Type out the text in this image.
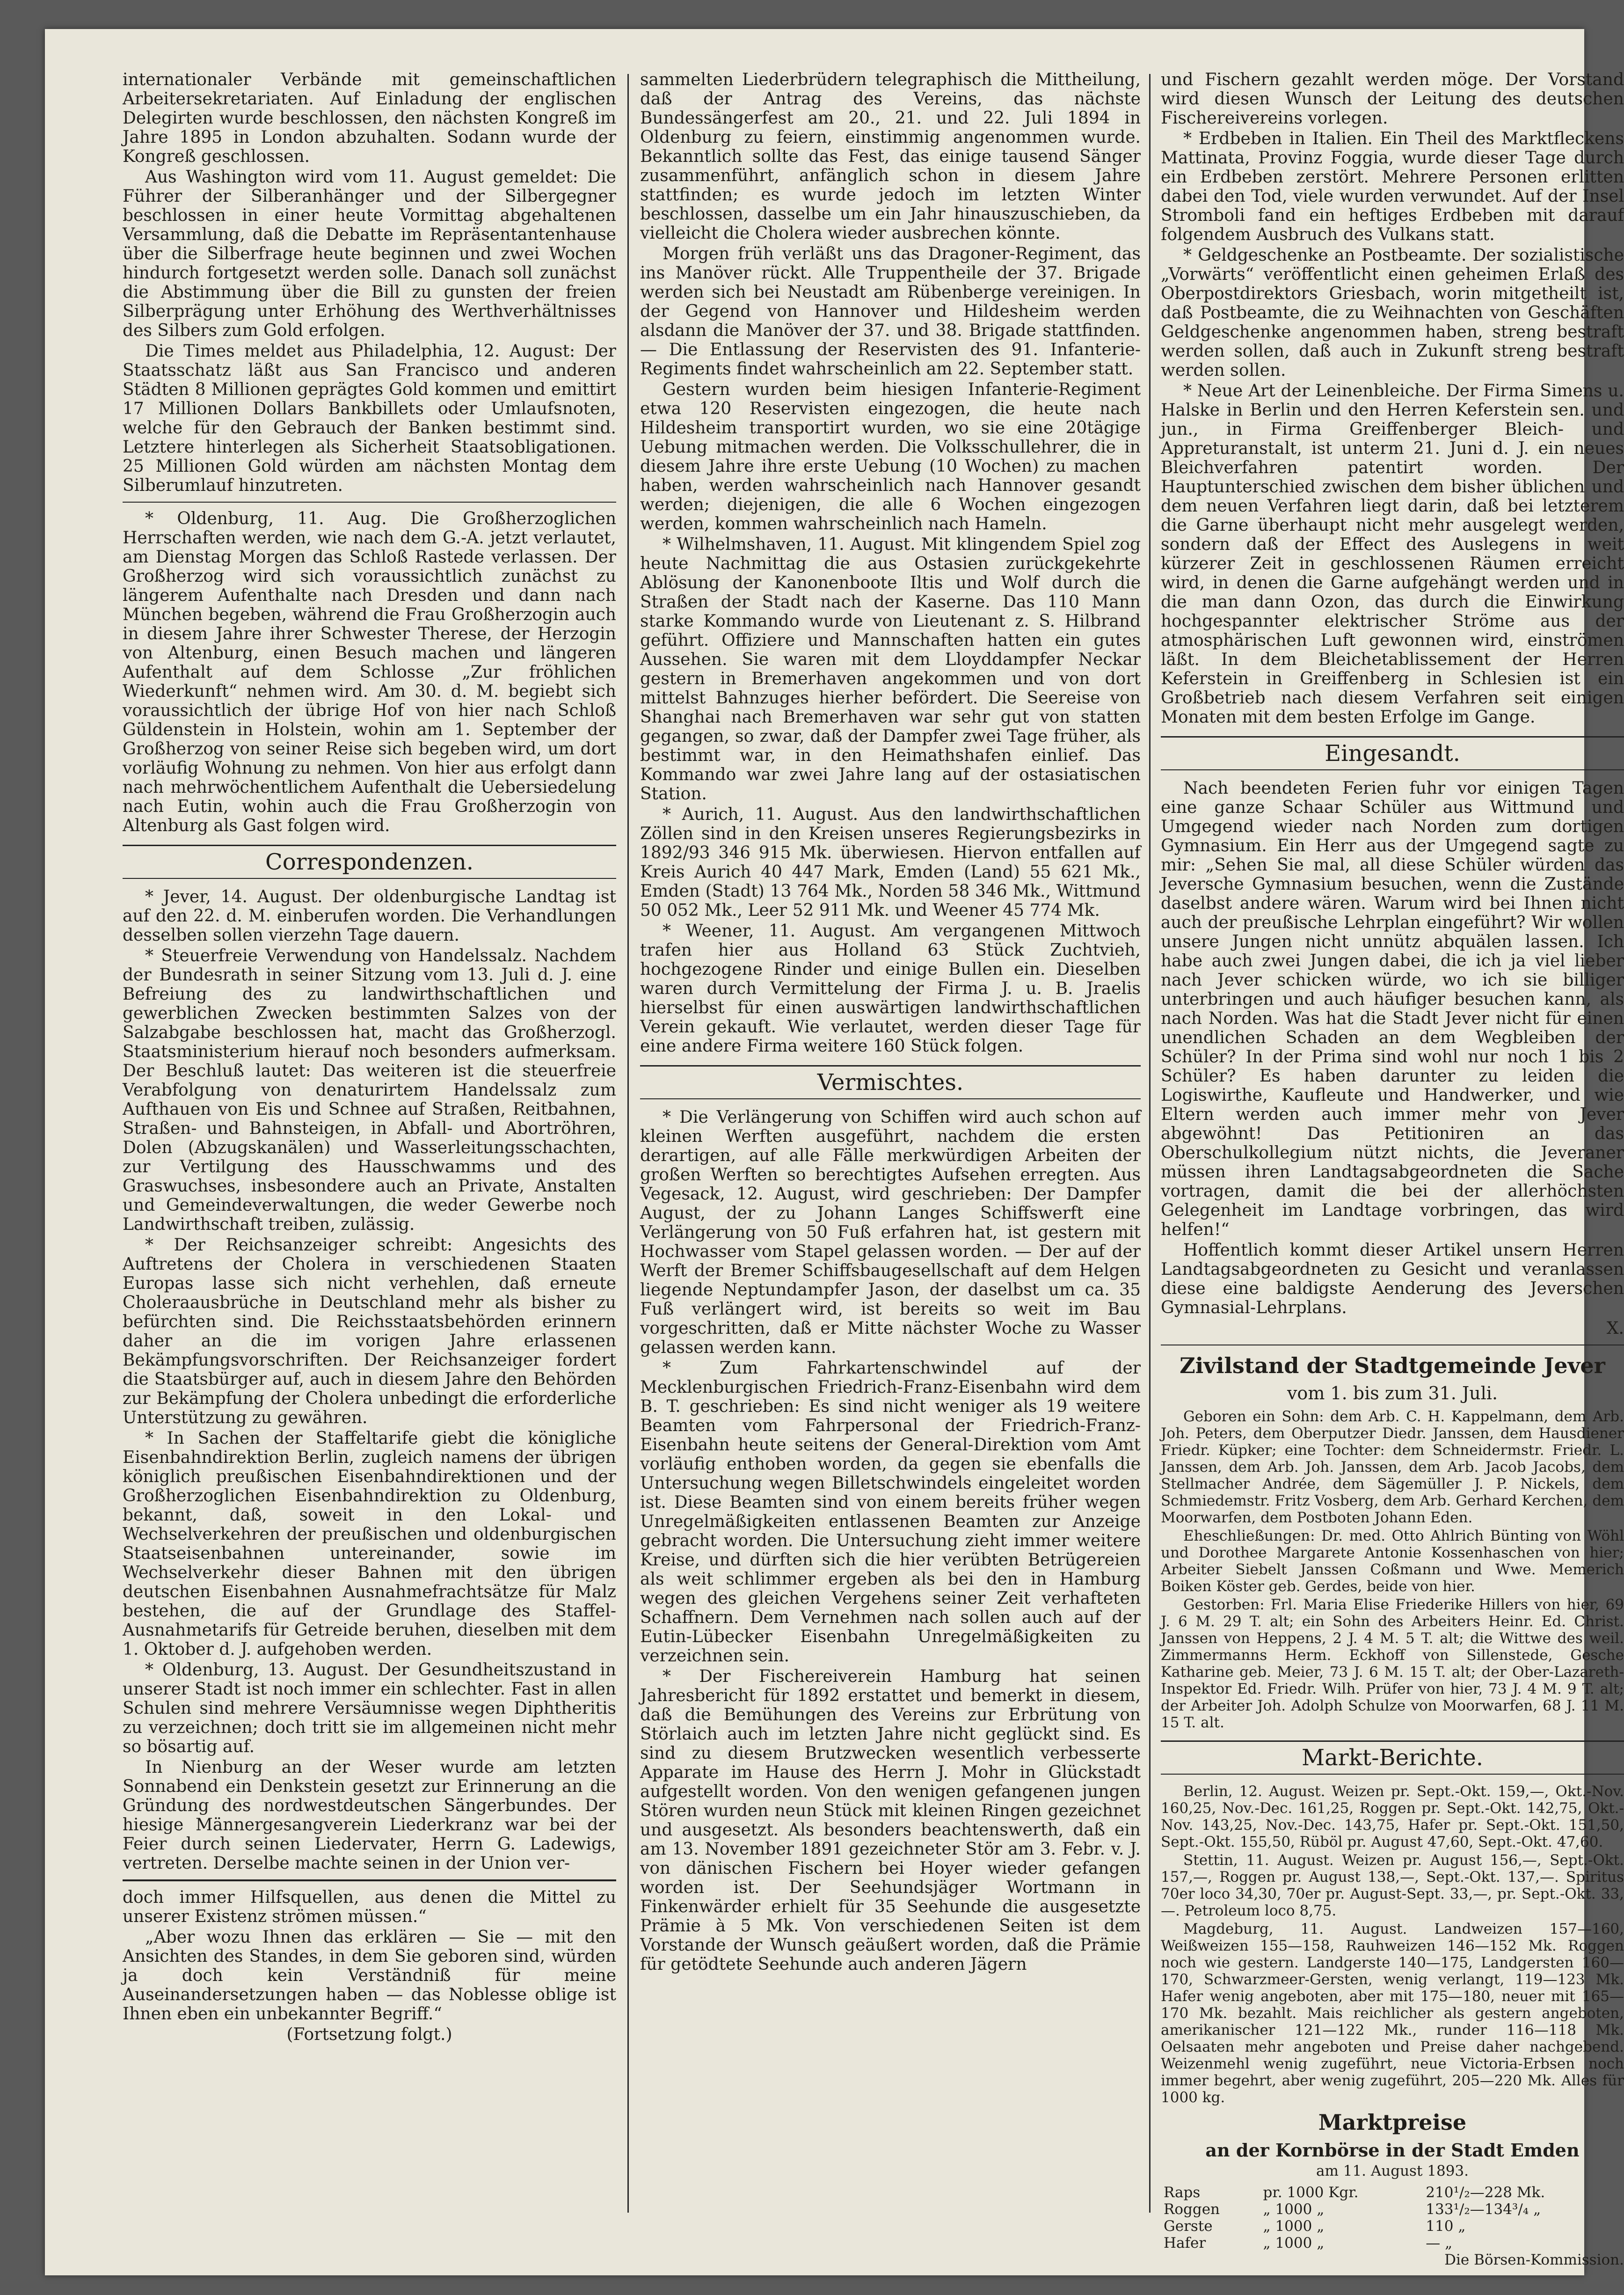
internationaler Verbände mit gemeinschaftlichen Arbeitersekretariaten. Auf Einladung der englischen Delegirten wurde beschlossen, den nächsten Kongreß im Jahre 1895 in London abzuhalten. Sodann wurde der Kongreß geschlossen.

Aus Washington wird vom 11. August gemeldet: Die Führer der Silberanhänger und der Silbergegner beschlossen in einer heute Vormittag abgehaltenen Versammlung, daß die Debatte im Repräsentantenhause über die Silberfrage heute beginnen und zwei Wochen hindurch fortgesetzt werden solle. Danach soll zunächst die Abstimmung über die Bill zu gunsten der freien Silberprägung unter Erhöhung des Werthverhältnisses des Silbers zum Gold erfolgen.

Die Times meldet aus Philadelphia, 12. August: Der Staatsschatz läßt aus San Francisco und anderen Städten 8 Millionen geprägtes Gold kommen und emittirt 17 Millionen Dollars Bankbillets oder Umlaufsnoten, welche für den Gebrauch der Banken bestimmt sind. Letztere hinterlegen als Sicherheit Staatsobligationen. 25 Millionen Gold würden am nächsten Montag dem Silberumlauf hinzutreten.

* Oldenburg, 11. Aug. Die Großherzoglichen Herrschaften werden, wie nach dem G.-A. jetzt verlautet, am Dienstag Morgen das Schloß Rastede verlassen. Der Großherzog wird sich voraussichtlich zunächst zu längerem Aufenthalte nach Dresden und dann nach München begeben, während die Frau Großherzogin auch in diesem Jahre ihrer Schwester Therese, der Herzogin von Altenburg, einen Besuch machen und längeren Aufenthalt auf dem Schlosse „Zur fröhlichen Wiederkunft“ nehmen wird. Am 30. d. M. begiebt sich voraussichtlich der übrige Hof von hier nach Schloß Güldenstein in Holstein, wohin am 1. September der Großherzog von seiner Reise sich begeben wird, um dort vorläufig Wohnung zu nehmen. Von hier aus erfolgt dann nach mehrwöchentlichem Aufenthalt die Uebersiedelung nach Eutin, wohin auch die Frau Großherzogin von Altenburg als Gast folgen wird.

Correspondenzen.

* Jever, 14. August. Der oldenburgische Landtag ist auf den 22. d. M. einberufen worden. Die Verhandlungen desselben sollen vierzehn Tage dauern.

* Steuerfreie Verwendung von Handelssalz. Nachdem der Bundesrath in seiner Sitzung vom 13. Juli d. J. eine Befreiung des zu landwirthschaftlichen und gewerblichen Zwecken bestimmten Salzes von der Salzabgabe beschlossen hat, macht das Großherzogl. Staatsministerium hierauf noch besonders aufmerksam. Der Beschluß lautet: Das weiteren ist die steuerfreie Verabfolgung von denaturirtem Handelssalz zum Aufthauen von Eis und Schnee auf Straßen, Reitbahnen, Straßen- und Bahnsteigen, in Abfall- und Abortröhren, Dolen (Abzugskanälen) und Wasserleitungsschachten, zur Vertilgung des Hausschwamms und des Graswuchses, insbesondere auch an Private, Anstalten und Gemeindeverwaltungen, die weder Gewerbe noch Landwirthschaft treiben, zulässig.

* Der Reichsanzeiger schreibt: Angesichts des Auftretens der Cholera in verschiedenen Staaten Europas lasse sich nicht verhehlen, daß erneute Choleraausbrüche in Deutschland mehr als bisher zu befürchten sind. Die Reichsstaatsbehörden erinnern daher an die im vorigen Jahre erlassenen Bekämpfungsvorschriften. Der Reichsanzeiger fordert die Staatsbürger auf, auch in diesem Jahre den Behörden zur Bekämpfung der Cholera unbedingt die erforderliche Unterstützung zu gewähren.

* In Sachen der Staffeltarife giebt die königliche Eisenbahndirektion Berlin, zugleich namens der übrigen königlich preußischen Eisenbahndirektionen und der Großherzoglichen Eisenbahndirektion zu Oldenburg, bekannt, daß, soweit in den Lokal- und Wechselverkehren der preußischen und oldenburgischen Staatseisenbahnen untereinander, sowie im Wechselverkehr dieser Bahnen mit den übrigen deutschen Eisenbahnen Ausnahmefrachtsätze für Malz bestehen, die auf der Grundlage des Staffel-Ausnahmetarifs für Getreide beruhen, dieselben mit dem 1. Oktober d. J. aufgehoben werden.

* Oldenburg, 13. August. Der Gesundheitszustand in unserer Stadt ist noch immer ein schlechter. Fast in allen Schulen sind mehrere Versäumnisse wegen Diphtheritis zu verzeichnen; doch tritt sie im allgemeinen nicht mehr so bösartig auf.

In Nienburg an der Weser wurde am letzten Sonnabend ein Denkstein gesetzt zur Erinnerung an die Gründung des nordwestdeutschen Sängerbundes. Der hiesige Männergesangverein Liederkranz war bei der Feier durch seinen Liedervater, Herrn G. Ladewigs, vertreten. Derselbe machte seinen in der Union ver-

doch immer Hilfsquellen, aus denen die Mittel zu unserer Existenz strömen müssen.“

„Aber wozu Ihnen das erklären — Sie — mit den Ansichten des Standes, in dem Sie geboren sind, würden ja doch kein Verständniß für meine Auseinandersetzungen haben — das Noblesse oblige ist Ihnen eben ein unbekannter Begriff.“

(Fortsetzung folgt.)

sammelten Liederbrüdern telegraphisch die Mittheilung, daß der Antrag des Vereins, das nächste Bundessängerfest am 20., 21. und 22. Juli 1894 in Oldenburg zu feiern, einstimmig angenommen wurde. Bekanntlich sollte das Fest, das einige tausend Sänger zusammenführt, anfänglich schon in diesem Jahre stattfinden; es wurde jedoch im letzten Winter beschlossen, dasselbe um ein Jahr hinauszuschieben, da vielleicht die Cholera wieder ausbrechen könnte.

Morgen früh verläßt uns das Dragoner-Regiment, das ins Manöver rückt. Alle Truppentheile der 37. Brigade werden sich bei Neustadt am Rübenberge vereinigen. In der Gegend von Hannover und Hildesheim werden alsdann die Manöver der 37. und 38. Brigade stattfinden. — Die Entlassung der Reservisten des 91. Infanterie-Regiments findet wahrscheinlich am 22. September statt.

Gestern wurden beim hiesigen Infanterie-Regiment etwa 120 Reservisten eingezogen, die heute nach Hildesheim transportirt wurden, wo sie eine 20tägige Uebung mitmachen werden. Die Volksschullehrer, die in diesem Jahre ihre erste Uebung (10 Wochen) zu machen haben, werden wahrscheinlich nach Hannover gesandt werden; diejenigen, die alle 6 Wochen eingezogen werden, kommen wahrscheinlich nach Hameln.

* Wilhelmshaven, 11. August. Mit klingendem Spiel zog heute Nachmittag die aus Ostasien zurückgekehrte Ablösung der Kanonenboote Iltis und Wolf durch die Straßen der Stadt nach der Kaserne. Das 110 Mann starke Kommando wurde von Lieutenant z. S. Hilbrand geführt. Offiziere und Mannschaften hatten ein gutes Aussehen. Sie waren mit dem Lloyddampfer Neckar gestern in Bremerhaven angekommen und von dort mittelst Bahnzuges hierher befördert. Die Seereise von Shanghai nach Bremerhaven war sehr gut von statten gegangen, so zwar, daß der Dampfer zwei Tage früher, als bestimmt war, in den Heimathshafen einlief. Das Kommando war zwei Jahre lang auf der ostasiatischen Station.

* Aurich, 11. August. Aus den landwirthschaftlichen Zöllen sind in den Kreisen unseres Regierungsbezirks in 1892/93 346 915 Mk. überwiesen. Hiervon entfallen auf Kreis Aurich 40 447 Mark, Emden (Land) 55 621 Mk., Emden (Stadt) 13 764 Mk., Norden 58 346 Mk., Wittmund 50 052 Mk., Leer 52 911 Mk. und Weener 45 774 Mk.

* Weener, 11. August. Am vergangenen Mittwoch trafen hier aus Holland 63 Stück Zuchtvieh, hochgezogene Rinder und einige Bullen ein. Dieselben waren durch Vermittelung der Firma J. u. B. Jraelis hierselbst für einen auswärtigen landwirthschaftlichen Verein gekauft. Wie verlautet, werden dieser Tage für eine andere Firma weitere 160 Stück folgen.

Vermischtes.

* Die Verlängerung von Schiffen wird auch schon auf kleinen Werften ausgeführt, nachdem die ersten derartigen, auf alle Fälle merkwürdigen Arbeiten der großen Werften so berechtigtes Aufsehen erregten. Aus Vegesack, 12. August, wird geschrieben: Der Dampfer August, der zu Johann Langes Schiffswerft eine Verlängerung von 50 Fuß erfahren hat, ist gestern mit Hochwasser vom Stapel gelassen worden. — Der auf der Werft der Bremer Schiffsbaugesellschaft auf dem Helgen liegende Neptundampfer Jason, der daselbst um ca. 35 Fuß verlängert wird, ist bereits so weit im Bau vorgeschritten, daß er Mitte nächster Woche zu Wasser gelassen werden kann.

* Zum Fahrkartenschwindel auf der Mecklenburgischen Friedrich-Franz-Eisenbahn wird dem B. T. geschrieben: Es sind nicht weniger als 19 weitere Beamten vom Fahrpersonal der Friedrich-Franz-Eisenbahn heute seitens der General-Direktion vom Amt vorläufig enthoben worden, da gegen sie ebenfalls die Untersuchung wegen Billetschwindels eingeleitet worden ist. Diese Beamten sind von einem bereits früher wegen Unregelmäßigkeiten entlassenen Beamten zur Anzeige gebracht worden. Die Untersuchung zieht immer weitere Kreise, und dürften sich die hier verübten Betrügereien als weit schlimmer ergeben als bei den in Hamburg wegen des gleichen Vergehens seiner Zeit verhafteten Schaffnern. Dem Vernehmen nach sollen auch auf der Eutin-Lübecker Eisenbahn Unregelmäßigkeiten zu verzeichnen sein.

* Der Fischereiverein Hamburg hat seinen Jahresbericht für 1892 erstattet und bemerkt in diesem, daß die Bemühungen des Vereins zur Erbrütung von Störlaich auch im letzten Jahre nicht geglückt sind. Es sind zu diesem Brutzwecken wesentlich verbesserte Apparate im Hause des Herrn J. Mohr in Glückstadt aufgestellt worden. Von den wenigen gefangenen jungen Stören wurden neun Stück mit kleinen Ringen gezeichnet und ausgesetzt. Als besonders beachtenswerth, daß ein am 13. November 1891 gezeichneter Stör am 3. Febr. v. J. von dänischen Fischern bei Hoyer wieder gefangen worden ist. Der Seehundsjäger Wortmann in Finkenwärder erhielt für 35 Seehunde die ausgesetzte Prämie à 5 Mk. Von verschiedenen Seiten ist dem Vorstande der Wunsch geäußert worden, daß die Prämie für getödtete Seehunde auch anderen Jägern

und Fischern gezahlt werden möge. Der Vorstand wird diesen Wunsch der Leitung des deutschen Fischereivereins vorlegen.

* Erdbeben in Italien. Ein Theil des Marktfleckens Mattinata, Provinz Foggia, wurde dieser Tage durch ein Erdbeben zerstört. Mehrere Personen erlitten dabei den Tod, viele wurden verwundet. Auf der Insel Stromboli fand ein heftiges Erdbeben mit darauf folgendem Ausbruch des Vulkans statt.

* Geldgeschenke an Postbeamte. Der sozialistische „Vorwärts“ veröffentlicht einen geheimen Erlaß des Oberpostdirektors Griesbach, worin mitgetheilt ist, daß Postbeamte, die zu Weihnachten von Geschäften Geldgeschenke angenommen haben, streng bestraft werden sollen, daß auch in Zukunft streng bestraft werden sollen.

* Neue Art der Leinenbleiche. Der Firma Simens u. Halske in Berlin und den Herren Keferstein sen. und jun., in Firma Greiffenberger Bleich- und Appreturanstalt, ist unterm 21. Juni d. J. ein neues Bleichverfahren patentirt worden. Der Hauptunterschied zwischen dem bisher üblichen und dem neuen Verfahren liegt darin, daß bei letzterem die Garne überhaupt nicht mehr ausgelegt werden, sondern daß der Effect des Auslegens in weit kürzerer Zeit in geschlossenen Räumen erreicht wird, in denen die Garne aufgehängt werden und in die man dann Ozon, das durch die Einwirkung hochgespannter elektrischer Ströme aus der atmosphärischen Luft gewonnen wird, einströmen läßt. In dem Bleichetablissement der Herren Keferstein in Greiffenberg in Schlesien ist ein Großbetrieb nach diesem Verfahren seit einigen Monaten mit dem besten Erfolge im Gange.

Eingesandt.

Nach beendeten Ferien fuhr vor einigen Tagen eine ganze Schaar Schüler aus Wittmund und Umgegend wieder nach Norden zum dortigen Gymnasium. Ein Herr aus der Umgegend sagte zu mir: „Sehen Sie mal, all diese Schüler würden das Jeversche Gymnasium besuchen, wenn die Zustände daselbst andere wären. Warum wird bei Ihnen nicht auch der preußische Lehrplan eingeführt? Wir wollen unsere Jungen nicht unnütz abquälen lassen. Ich habe auch zwei Jungen dabei, die ich ja viel lieber nach Jever schicken würde, wo ich sie billiger unterbringen und auch häufiger besuchen kann, als nach Norden. Was hat die Stadt Jever nicht für einen unendlichen Schaden an dem Wegbleiben der Schüler? In der Prima sind wohl nur noch 1 bis 2 Schüler? Es haben darunter zu leiden die Logiswirthe, Kaufleute und Handwerker, und wie Eltern werden auch immer mehr von Jever abgewöhnt! Das Petitioniren an das Oberschulkollegium nützt nichts, die Jeveraner müssen ihren Landtagsabgeordneten die Sache vortragen, damit die bei der allerhöchsten Gelegenheit im Landtage vorbringen, das wird helfen!“

Hoffentlich kommt dieser Artikel unsern Herren Landtagsabgeordneten zu Gesicht und veranlassen diese eine baldigste Aenderung des Jeverschen Gymnasial-Lehrplans.

X.

Zivilstand der Stadtgemeinde Jever
vom 1. bis zum 31. Juli.

Geboren ein Sohn: dem Arb. C. H. Kappelmann, dem Arb. Joh. Peters, dem Oberputzer Diedr. Janssen, dem Hausdiener Friedr. Küpker; eine Tochter: dem Schneidermstr. Friedr. L. Janssen, dem Arb. Joh. Janssen, dem Arb. Jacob Jacobs, dem Stellmacher Andrée, dem Sägemüller J. P. Nickels, dem Schmiedemstr. Fritz Vosberg, dem Arb. Gerhard Kerchen, dem Moorwarfen, dem Postboten Johann Eden.

Eheschließungen: Dr. med. Otto Ahlrich Bünting von Wöhl und Dorothee Margarete Antonie Kossenhaschen von hier; Arbeiter Siebelt Janssen Coßmann und Wwe. Memerich Boiken Köster geb. Gerdes, beide von hier.

Gestorben: Frl. Maria Elise Friederike Hillers von hier, 69 J. 6 M. 29 T. alt; ein Sohn des Arbeiters Heinr. Ed. Christ. Janssen von Heppens, 2 J. 4 M. 5 T. alt; die Wittwe des weil. Zimmermanns Herm. Eckhoff von Sillenstede, Gesche Katharine geb. Meier, 73 J. 6 M. 15 T. alt; der Ober-Lazareth-Inspektor Ed. Friedr. Wilh. Prüfer von hier, 73 J. 4 M. 9 T. alt; der Arbeiter Joh. Adolph Schulze von Moorwarfen, 68 J. 11 M. 15 T. alt.

Markt-Berichte.

Berlin, 12. August. Weizen pr. Sept.-Okt. 159,—, Okt.-Nov. 160,25, Nov.-Dec. 161,25, Roggen pr. Sept.-Okt. 142,75, Okt.-Nov. 143,25, Nov.-Dec. 143,75, Hafer pr. Sept.-Okt. 151,50, Sept.-Okt. 155,50, Rüböl pr. August 47,60, Sept.-Okt. 47,60.

Stettin, 11. August. Weizen pr. August 156,—, Sept.-Okt. 157,—, Roggen pr. August 138,—, Sept.-Okt. 137,—. Spiritus 70er loco 34,30, 70er pr. August-Sept. 33,—, pr. Sept.-Okt. 33,—. Petroleum loco 8,75.

Magdeburg, 11. August. Landweizen 157—160, Weißweizen 155—158, Rauhweizen 146—152 Mk. Roggen noch wie gestern. Landgerste 140—175, Landgersten 160—170, Schwarzmeer-Gersten, wenig verlangt, 119—123 Mk. Hafer wenig angeboten, aber mit 175—180, neuer mit 165—170 Mk. bezahlt. Mais reichlicher als gestern angeboten, amerikanischer 121—122 Mk., runder 116—118 Mk. Oelsaaten mehr angeboten und Preise daher nachgebend. Weizenmehl wenig zugeführt, neue Victoria-Erbsen noch immer begehrt, aber wenig zugeführt, 205—220 Mk. Alles für 1000 kg.

Marktpreise
an der Kornbörse in der Stadt Emden
am 11. August 1893.
Raps	pr. 1000 Kgr.	210¹/₂—228 Mk.
Roggen	„ 1000 „	133¹/₂—134³/₄ „
Gerste	„ 1000 „	110 „
Hafer	„ 1000 „	— „

Die Börsen-Kommission.
